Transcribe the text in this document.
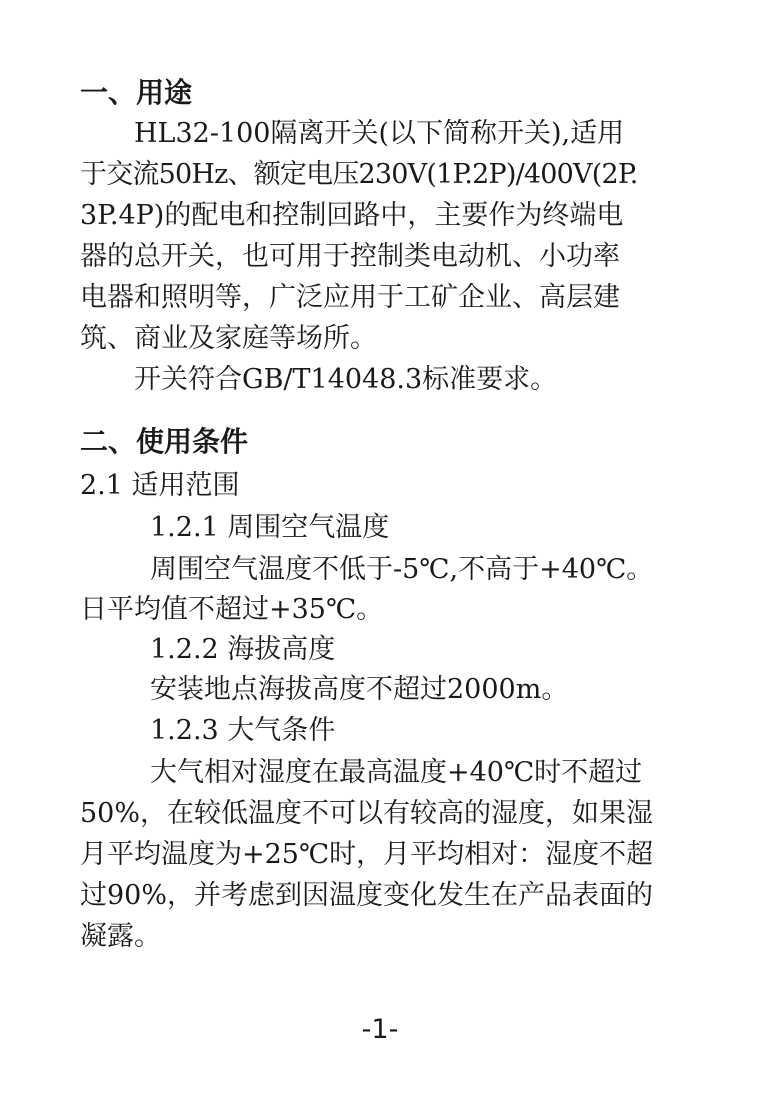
一、用途
HL32-100隔离开关(以下简称开关),适用
于交流50Hz、额定电压230V(1P.2P)/400V(2P.
3P.4P)的配电和控制回路中，主要作为终端电
器的总开关，也可用于控制类电动机、小功率
电器和照明等，广泛应用于工矿企业、高层建
筑、商业及家庭等场所。
开关符合GB/T14048.3标准要求。
二、使用条件
2.1 适用范围
1.2.1 周围空气温度
周围空气温度不低于-5℃,不高于+40℃。
日平均值不超过+35℃。
1.2.2 海拔高度
安装地点海拔高度不超过2000m。
1.2.3 大气条件
大气相对湿度在最高温度+40℃时不超过
50%，在较低温度不可以有较高的湿度，如果湿
月平均温度为+25℃时，月平均相对：湿度不超
过90%，并考虑到因温度变化发生在产品表面的
凝露。
-1-
